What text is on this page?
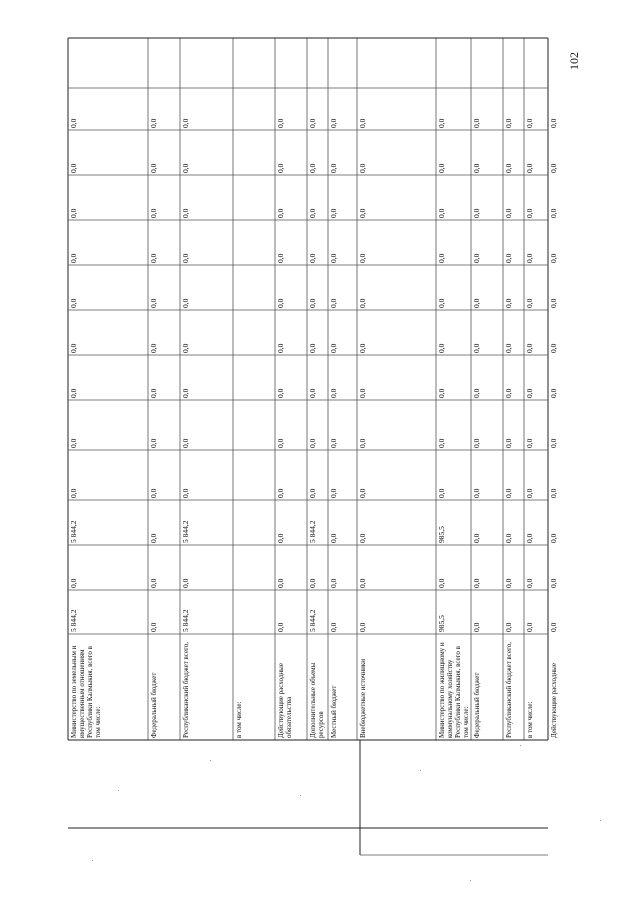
102
Министерство по земельным и имущественным отношениям Республики Калмыкия, всего в том числе:
5 844,2
0,0
5 844,2
0,0
0,0
0,0
0,0
0,0
0,0
0,0
0,0
0,0
Федеральный бюджет
0,0
0,0
0,0
0,0
0,0
0,0
0,0
0,0
0,0
0,0
0,0
0,0
Республиканский бюджет всего,
5 844,2
0,0
5 844,2
0,0
0,0
0,0
0,0
0,0
0,0
0,0
0,0
0,0
в том числе:	Действующие расходные обязательства
0,0
0,0
0,0
0,0
0,0
0,0
0,0
0,0
0,0
0,0
0,0
0,0
Дополнительные объемы ресурсов
5 844,2
0,0
5 844,2
0,0
0,0
0,0
0,0
0,0
0,0
0,0
0,0
0,0
Местный бюджет
0,0
0,0
0,0
0,0
0,0
0,0
0,0
0,0
0,0
0,0
0,0
0,0
Внебюджетные источники
0,0
0,0
0,0
0,0
0,0
0,0
0,0
0,0
0,0
0,0
0,0
0,0
Министерство по жилищному и коммунальному хозяйству Республики Калмыкия, всего в том числе:
985,5
0,0
985,5
0,0
0,0
0,0
0,0
0,0
0,0
0,0
0,0
0,0
Федеральный бюджет
0,0
0,0
0,0
0,0
0,0
0,0
0,0
0,0
0,0
0,0
0,0
0,0
Республиканский бюджет всего,
0,0
0,0
0,0
0,0
0,0
0,0
0,0
0,0
0,0
0,0
0,0
0,0
в том числе:
0,0
0,0
0,0
0,0
0,0
0,0
0,0
0,0
0,0
0,0
0,0
0,0
Действующие расходные
0,0
0,0
0,0
0,0
0,0
0,0
0,0
0,0
0,0
0,0
0,0
0,0
